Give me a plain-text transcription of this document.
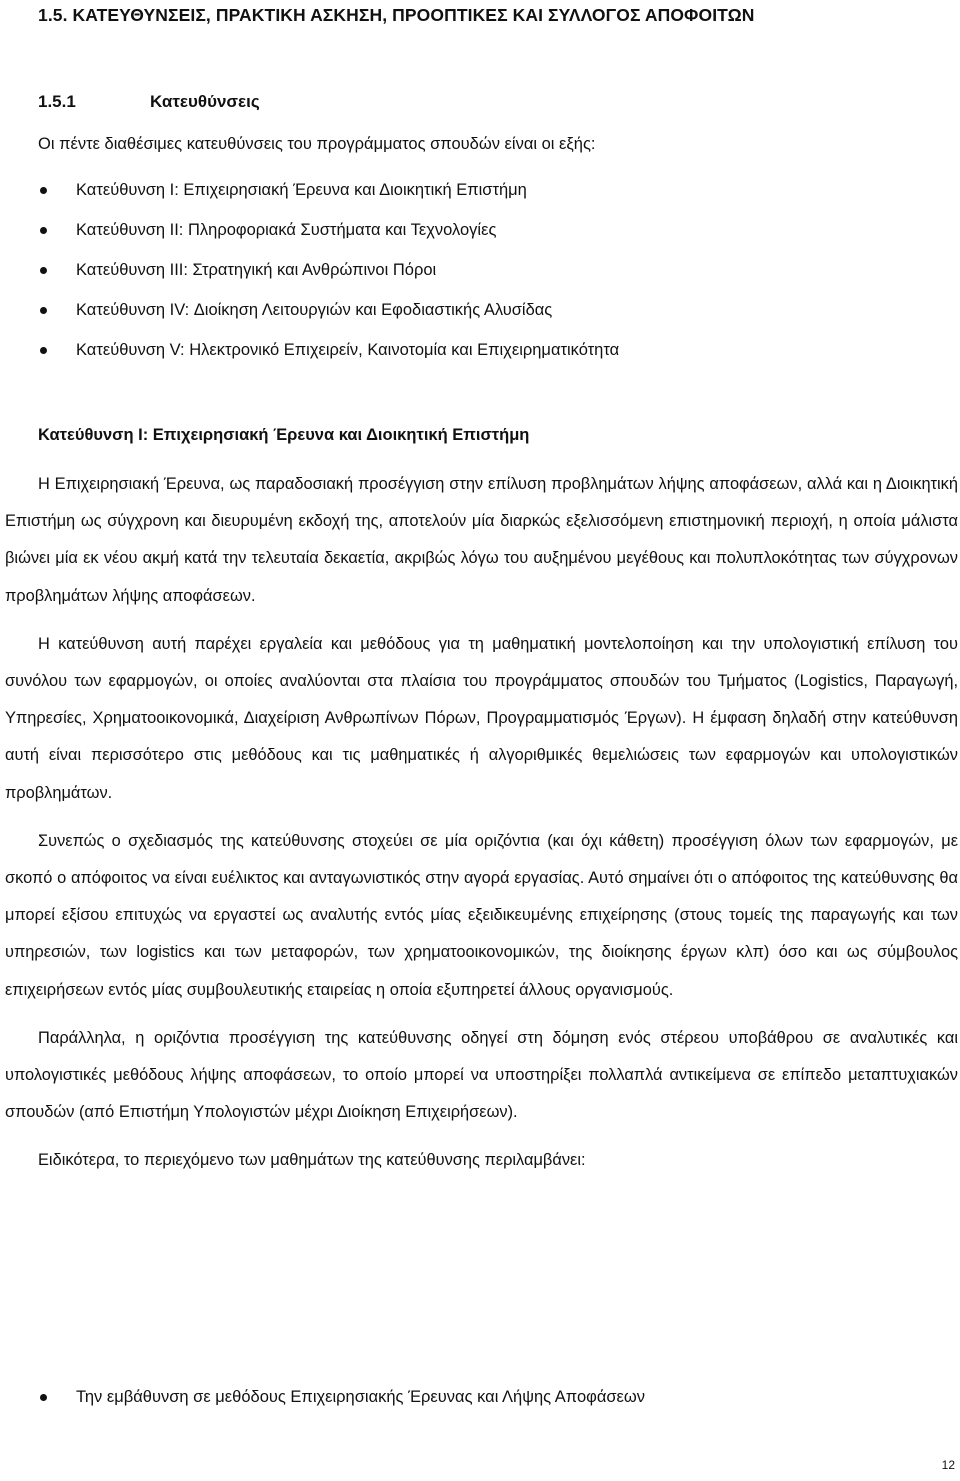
1.5. ΚΑΤΕΥΘΥΝΣΕΙΣ, ΠΡΑΚΤΙΚΗ ΑΣΚΗΣΗ, ΠΡΟΟΠΤΙΚΕΣ ΚΑΙ ΣΥΛΛΟΓΟΣ ΑΠΟΦΟΙΤΩΝ
1.5.1	Κατευθύνσεις

Οι πέντε διαθέσιμες κατευθύνσεις του προγράμματος σπουδών είναι οι εξής:

Κατεύθυνση Ι: Επιχειρησιακή Έρευνα και Διοικητική Επιστήμη
Κατεύθυνση ΙΙ: Πληροφοριακά Συστήματα και Τεχνολογίες
Κατεύθυνση ΙΙΙ: Στρατηγική και Ανθρώπινοι Πόροι
Κατεύθυνση ΙV: Διοίκηση Λειτουργιών και Εφοδιαστικής Αλυσίδας
Κατεύθυνση V: Ηλεκτρονικό Επιχειρείν, Καινοτομία και Επιχειρηματικότητα
Κατεύθυνση Ι: Επιχειρησιακή Έρευνα και Διοικητική Επιστήμη

Η Επιχειρησιακή Έρευνα, ως παραδοσιακή προσέγγιση στην επίλυση προβλημάτων λήψης αποφάσεων, αλλά και η Διοικητική Επιστήμη ως σύγχρονη και διευρυμένη εκδοχή της, αποτελούν μία διαρκώς εξελισσόμενη επιστημονική περιοχή, η οποία μάλιστα βιώνει μία εκ νέου ακμή κατά την τελευταία δεκαετία, ακριβώς λόγω του αυξημένου μεγέθους και πολυπλοκότητας των σύγχρονων προβλημάτων λήψης αποφάσεων.

Η κατεύθυνση αυτή παρέχει εργαλεία και μεθόδους για τη μαθηματική μοντελοποίηση και την υπολογιστική επίλυση του συνόλου των εφαρμογών, οι οποίες αναλύονται στα πλαίσια του προγράμματος σπουδών του Τμήματος (Logistics, Παραγωγή, Υπηρεσίες, Χρηματοοικονομικά, Διαχείριση Ανθρωπίνων Πόρων, Προγραμματισμός Έργων). Η έμφαση δηλαδή στην κατεύθυνση αυτή είναι περισσότερο στις μεθόδους και τις μαθηματικές ή αλγοριθμικές θεμελιώσεις των εφαρμογών και υπολογιστικών προβλημάτων.

Συνεπώς ο σχεδιασμός της κατεύθυνσης στοχεύει σε μία οριζόντια (και όχι κάθετη) προσέγγιση όλων των εφαρμογών, με σκοπό ο απόφοιτος να είναι ευέλικτος και ανταγωνιστικός στην αγορά εργασίας. Αυτό σημαίνει ότι ο απόφοιτος της κατεύθυνσης θα μπορεί εξίσου επιτυχώς να εργαστεί ως αναλυτής εντός μίας εξειδικευμένης επιχείρησης (στους τομείς της παραγωγής και των υπηρεσιών, των logistics και των μεταφορών, των χρηματοοικονομικών, της διοίκησης έργων κλπ) όσο και ως σύμβουλος επιχειρήσεων εντός μίας συμβουλευτικής εταιρείας η οποία εξυπηρετεί άλλους οργανισμούς.

Παράλληλα, η οριζόντια προσέγγιση της κατεύθυνσης οδηγεί στη δόμηση ενός στέρεου υποβάθρου σε αναλυτικές και υπολογιστικές μεθόδους λήψης αποφάσεων, το οποίο μπορεί να υποστηρίξει πολλαπλά αντικείμενα σε επίπεδο μεταπτυχιακών σπουδών (από Επιστήμη Υπολογιστών μέχρι Διοίκηση Επιχειρήσεων).

Ειδικότερα, το περιεχόμενο των μαθημάτων της κατεύθυνσης περιλαμβάνει:

Την εμβάθυνση σε μεθόδους Επιχειρησιακής Έρευνας και Λήψης Αποφάσεων

12
